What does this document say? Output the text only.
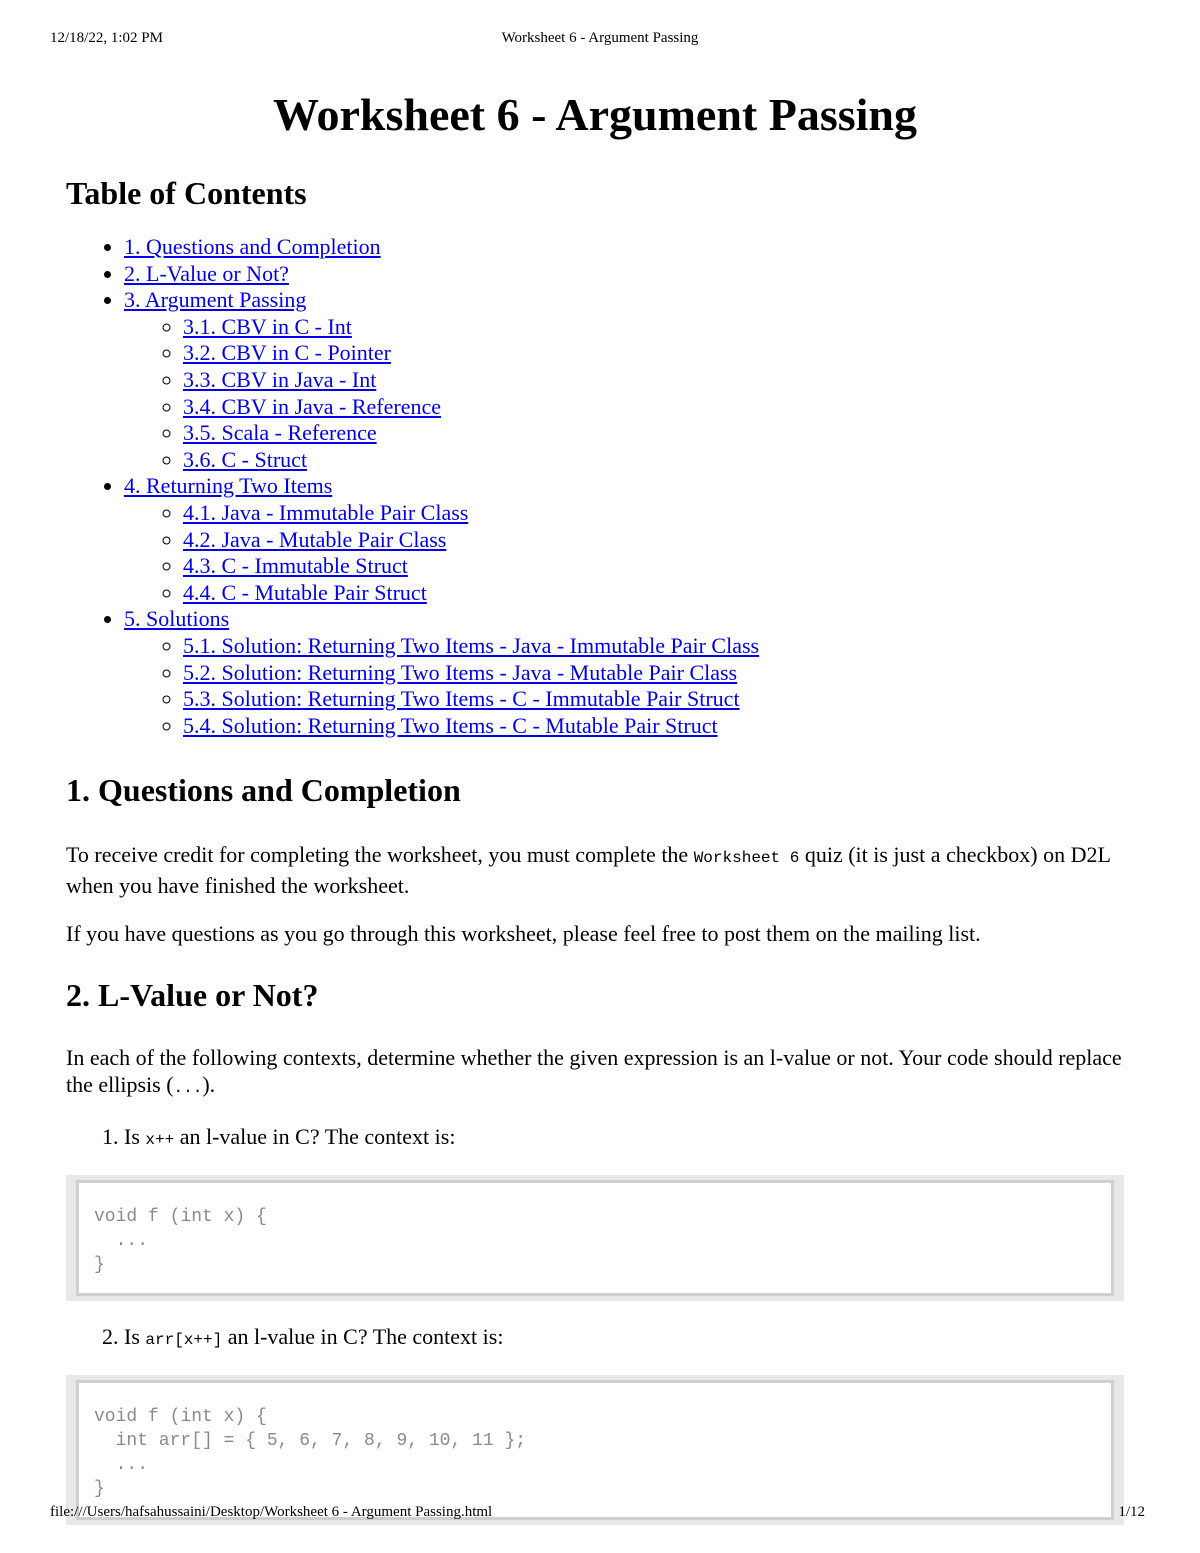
12/18/22, 1:02 PM	Worksheet 6 - Argument Passing
Worksheet 6 - Argument Passing
Table of Contents
• 1. Questions and Completion
• 2. L-Value or Not?
• 3. Argument Passing
◦ 3.1. CBV in C - Int
◦ 3.2. CBV in C - Pointer
◦ 3.3. CBV in Java - Int
◦ 3.4. CBV in Java - Reference
◦ 3.5. Scala - Reference
◦ 3.6. C - Struct
• 4. Returning Two Items
◦ 4.1. Java - Immutable Pair Class
◦ 4.2. Java - Mutable Pair Class
◦ 4.3. C - Immutable Struct
◦ 4.4. C - Mutable Pair Struct
• 5. Solutions
◦ 5.1. Solution: Returning Two Items - Java - Immutable Pair Class
◦ 5.2. Solution: Returning Two Items - Java - Mutable Pair Class
◦ 5.3. Solution: Returning Two Items - C - Immutable Pair Struct
◦ 5.4. Solution: Returning Two Items - C - Mutable Pair Struct
1. Questions and Completion

To receive credit for completing the worksheet, you must complete the Worksheet 6 quiz (it is just a checkbox) on D2L when you have finished the worksheet.

If you have questions as you go through this worksheet, please feel free to post them on the mailing list.

2. L-Value or Not?

In each of the following contexts, determine whether the given expression is an l-value or not. Your code should replace the ellipsis (...).

1. Is x++ an l-value in C? The context is:
void f (int x) {
...
}
2. Is arr[x++] an l-value in C? The context is:
void f (int x) {
int arr[] = { 5, 6, 7, 8, 9, 10, 11 };
...
}
file:///Users/hafsahussaini/Desktop/Worksheet 6 - Argument Passing.html	1/12
